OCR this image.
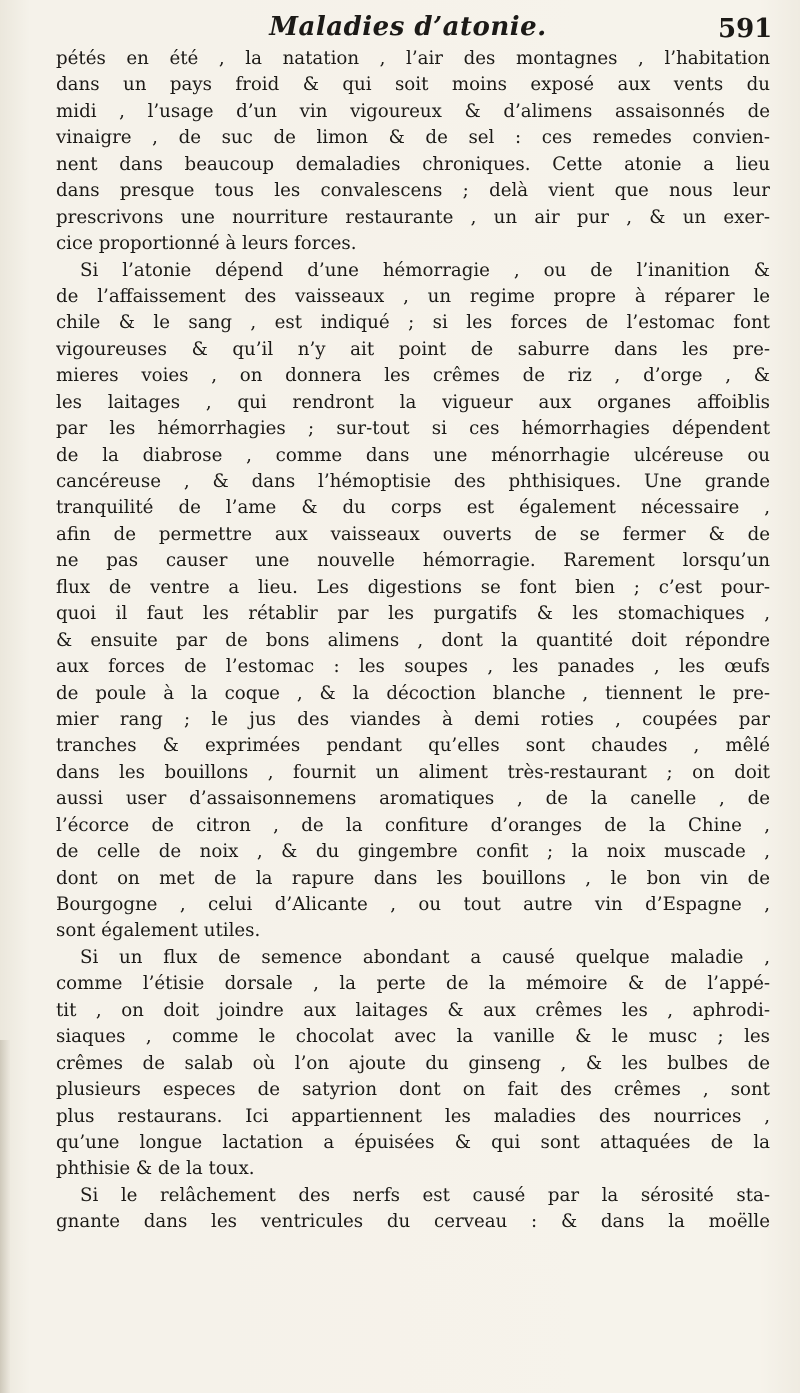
Maladies d’atonie.	591
pétés en été , la natation , l’air des montagnes , l’habitation
dans un pays froid & qui soit moins exposé aux vents du
midi , l’usage d’un vin vigoureux & d’alimens assaisonnés de
vinaigre , de suc de limon & de sel : ces remedes convien-
nent dans beaucoup demaladies chroniques. Cette atonie a lieu
dans presque tous les convalescens ; delà vient que nous leur
prescrivons une nourriture restaurante , un air pur , & un exer-
cice proportionné à leurs forces.
Si l’atonie dépend d’une hémorragie , ou de l’inanition &
de l’affaissement des vaisseaux , un regime propre à réparer le
chile & le sang , est indiqué ; si les forces de l’estomac font
vigoureuses & qu’il n’y ait point de saburre dans les pre-
mieres voies , on donnera les crêmes de riz , d’orge , &
les laitages , qui rendront la vigueur aux organes affoiblis
par les hémorrhagies ; sur-tout si ces hémorrhagies dépendent
de la diabrose , comme dans une ménorrhagie ulcéreuse ou
cancéreuse , & dans l’hémoptisie des phthisiques. Une grande
tranquilité de l’ame & du corps est également nécessaire ,
afin de permettre aux vaisseaux ouverts de se fermer & de
ne pas causer une nouvelle hémorragie. Rarement lorsqu’un
flux de ventre a lieu. Les digestions se font bien ; c’est pour-
quoi il faut les rétablir par les purgatifs & les stomachiques ,
& ensuite par de bons alimens , dont la quantité doit répondre
aux forces de l’estomac : les soupes , les panades , les œufs
de poule à la coque , & la décoction blanche , tiennent le pre-
mier rang ; le jus des viandes à demi roties , coupées par
tranches & exprimées pendant qu’elles sont chaudes , mêlé
dans les bouillons , fournit un aliment très-restaurant ; on doit
aussi user d’assaisonnemens aromatiques , de la canelle , de
l’écorce de citron , de la confiture d’oranges de la Chine ,
de celle de noix , & du gingembre confit ; la noix muscade ,
dont on met de la rapure dans les bouillons , le bon vin de
Bourgogne , celui d’Alicante , ou tout autre vin d’Espagne ,
sont également utiles.
Si un flux de semence abondant a causé quelque maladie ,
comme l’étisie dorsale , la perte de la mémoire & de l’appé-
tit , on doit joindre aux laitages & aux crêmes les , aphrodi-
siaques , comme le chocolat avec la vanille & le musc ; les
crêmes de salab où l’on ajoute du ginseng , & les bulbes de
plusieurs especes de satyrion dont on fait des crêmes , sont
plus restaurans. Ici appartiennent les maladies des nourrices ,
qu’une longue lactation a épuisées & qui sont attaquées de la
phthisie & de la toux.
Si le relâchement des nerfs est causé par la sérosité sta-
gnante dans les ventricules du cerveau : & dans la moëlle
